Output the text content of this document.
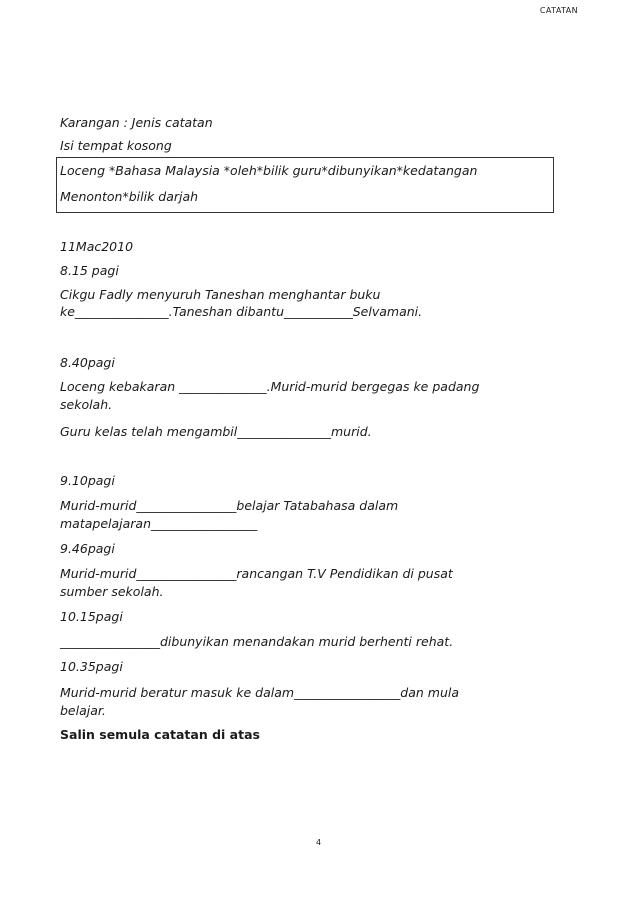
CATATAN

Karangan : Jenis catatan

Isi tempat kosong

Loceng *Bahasa Malaysia *oleh*bilik guru*dibunyikan*kedatangan

Menonton*bilik darjah

11Mac2010

8.15 pagi

Cikgu Fadly menyuruh Taneshan menghantar buku

ke_______________.Taneshan dibantu___________Selvamani.

8.40pagi

Loceng kebakaran ______________.Murid-murid bergegas ke padang

sekolah.

Guru kelas telah mengambil_______________murid.

9.10pagi

Murid-murid________________belajar Tatabahasa dalam

matapelajaran_________________

9.46pagi

Murid-murid________________rancangan T.V Pendidikan di pusat

sumber sekolah.

10.15pagi

________________dibunyikan menandakan murid berhenti rehat.

10.35pagi

Murid-murid beratur masuk ke dalam_________________dan mula

belajar.

Salin semula catatan di atas

4
